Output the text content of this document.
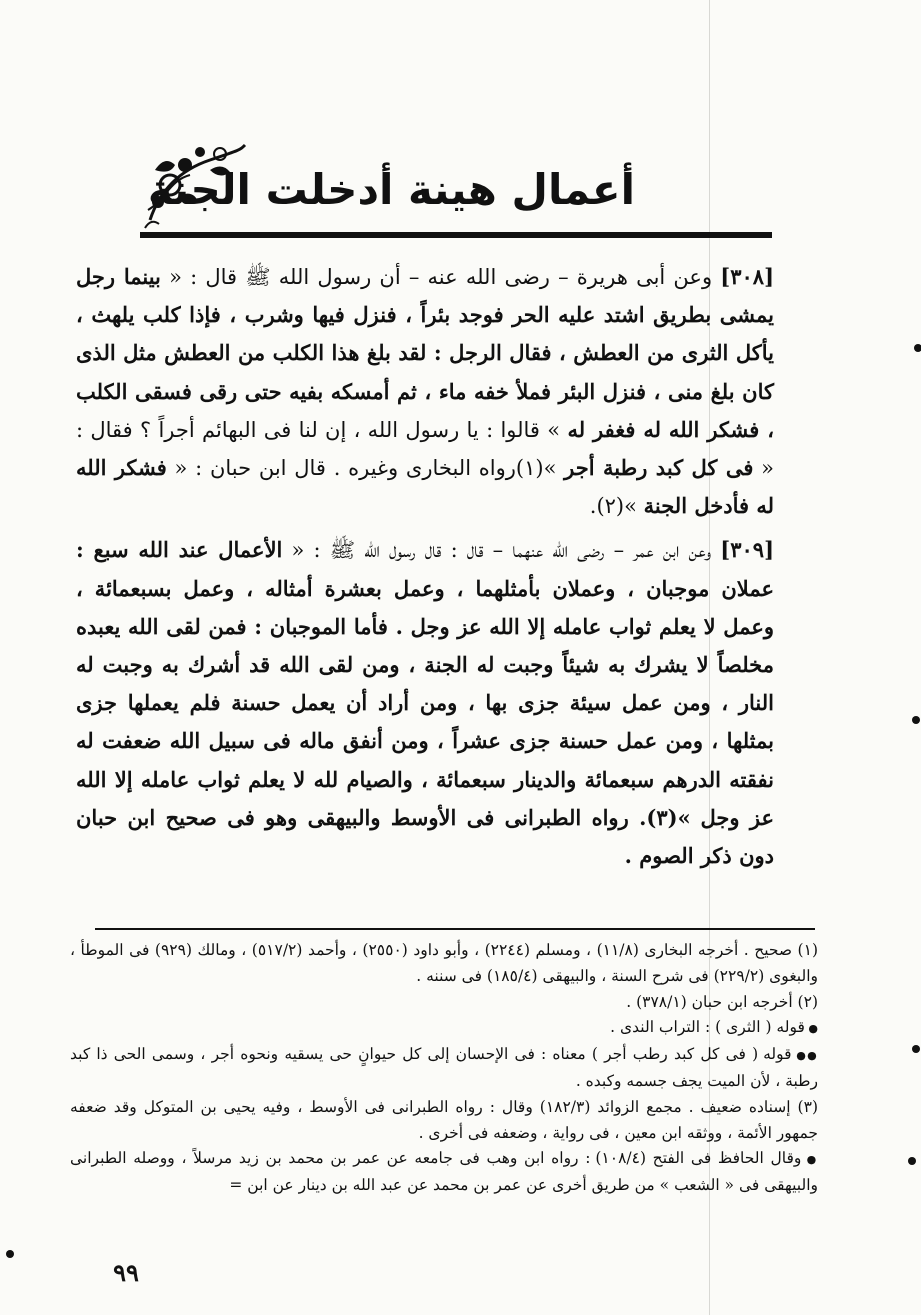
أعمال هينة أدخلت الجنة

[٣٠٨] وعن أبى هريرة – رضى الله عنه – أن رسول الله ﷺ قال : « بينما رجل يمشى بطريق اشتد عليه الحر فوجد بئراً ، فنزل فيها وشرب ، فإذا كلب يلهث ، يأكل الثرى من العطش ، فقال الرجل : لقد بلغ هذا الكلب من العطش مثل الذى كان بلغ منى ، فنزل البئر فملأ خفه ماء ، ثم أمسكه بفيه حتى رقى فسقى الكلب ، فشكر الله له فغفر له » قالوا : يا رسول الله ، إن لنا فى البهائم أجراً ؟ فقال : « فى كل كبد رطبة أجر »(١)رواه البخارى وغيره . قال ابن حبان : « فشكر الله له فأدخل الجنة »(٢).

[٣٠٩] وعن ابن عمر – رضى الله عنهما – قال : قال رسول الله ﷺ : « الأعمال عند الله سبع : عملان موجبان ، وعملان بأمثلهما ، وعمل بعشرة أمثاله ، وعمل بسبعمائة ، وعمل لا يعلم ثواب عامله إلا الله عز وجل . فأما الموجبان : فمن لقى الله يعبده مخلصاً لا يشرك به شيئاً وجبت له الجنة ، ومن لقى الله قد أشرك به وجبت له النار ، ومن عمل سيئة جزى بها ، ومن أراد أن يعمل حسنة فلم يعملها جزى بمثلها ، ومن عمل حسنة جزى عشراً ، ومن أنفق ماله فى سبيل الله ضعفت له نفقته الدرهم سبعمائة والدينار سبعمائة ، والصيام لله لا يعلم ثواب عامله إلا الله عز وجل »(٣). رواه الطبرانى فى الأوسط والبيهقى وهو فى صحيح ابن حبان دون ذكر الصوم .

(١) صحيح . أخرجه البخارى (١١/٨) ، ومسلم (٢٢٤٤) ، وأبو داود (٢٥٥٠) ، وأحمد (٥١٧/٢) ، ومالك (٩٢٩) فى الموطأ ، والبغوى (٢٢٩/٢) فى شرح السنة ، والبيهقى (١٨٥/٤) فى سننه .

(٢) أخرجه ابن حبان (٣٧٨/١) .

● قوله ( الثرى ) : التراب الندى .

●● قوله ( فى كل كبد رطب أجر ) معناه : فى الإحسان إلى كل حيوانٍ حى يسقيه ونحوه أجر ، وسمى الحى ذا كبد رطبة ، لأن الميت يجف جسمه وكبده .

(٣) إسناده ضعيف . مجمع الزوائد (١٨٢/٣) وقال : رواه الطبرانى فى الأوسط ، وفيه يحيى بن المتوكل وقد ضعفه جمهور الأئمة ، ووثقه ابن معين ، فى رواية ، وضعفه فى أخرى .

● وقال الحافظ فى الفتح (١٠٨/٤) : رواه ابن وهب فى جامعه عن عمر بن محمد بن زيد مرسلاً ، ووصله الطبرانى والبيهقى فى « الشعب » من طريق أخرى عن عمر بن محمد عن عبد الله بن دينار عن ابن =

٩٩
